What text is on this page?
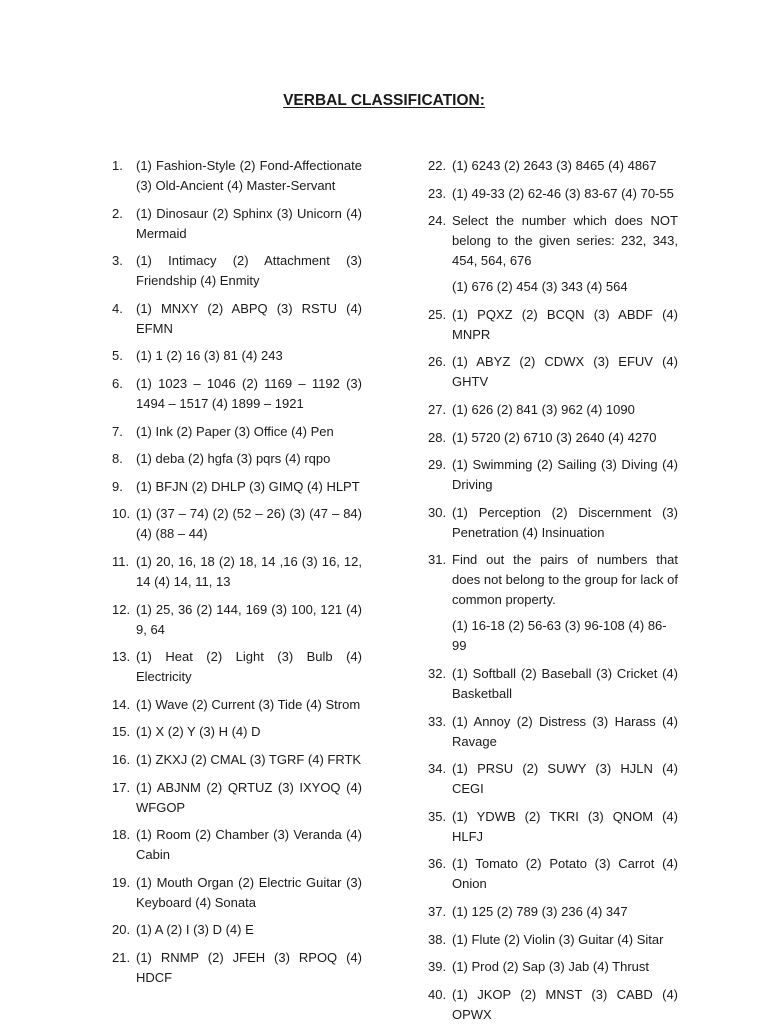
VERBAL CLASSIFICATION:
1. (1) Fashion-Style (2) Fond-Affectionate (3) Old-Ancient (4) Master-Servant
2. (1) Dinosaur (2) Sphinx (3) Unicorn (4) Mermaid
3. (1) Intimacy (2) Attachment (3) Friendship (4) Enmity
4. (1) MNXY (2) ABPQ (3) RSTU (4) EFMN
5. (1) 1 (2) 16 (3) 81 (4) 243
6. (1) 1023 – 1046 (2) 1169 – 1192 (3) 1494 – 1517 (4) 1899 – 1921
7. (1) Ink (2) Paper (3) Office (4) Pen
8. (1) deba (2) hgfa (3) pqrs (4) rqpo
9. (1) BFJN (2) DHLP (3) GIMQ (4) HLPT
10. (1) (37 – 74) (2) (52 – 26) (3) (47 – 84) (4) (88 – 44)
11. (1) 20, 16, 18 (2) 18, 14 ,16 (3) 16, 12, 14 (4) 14, 11, 13
12. (1) 25, 36 (2) 144, 169 (3) 100, 121 (4) 9, 64
13. (1) Heat (2) Light (3) Bulb (4) Electricity
14. (1) Wave (2) Current (3) Tide (4) Strom
15. (1) X (2) Y (3) H (4) D
16. (1) ZKXJ (2) CMAL (3) TGRF (4) FRTK
17. (1) ABJNM (2) QRTUZ (3) IXYOQ (4) WFGOP
18. (1) Room (2) Chamber (3) Veranda (4) Cabin
19. (1) Mouth Organ (2) Electric Guitar (3) Keyboard (4) Sonata
20. (1) A (2) I (3) D (4) E
21. (1) RNMP (2) JFEH (3) RPOQ (4) HDCF
22. (1) 6243 (2) 2643 (3) 8465 (4) 4867
23. (1) 49-33 (2) 62-46 (3) 83-67 (4) 70-55
24. Select the number which does NOT belong to the given series: 232, 343, 454, 564, 676
(1) 676 (2) 454 (3) 343 (4) 564
25. (1) PQXZ (2) BCQN (3) ABDF (4) MNPR
26. (1) ABYZ (2) CDWX (3) EFUV (4) GHTV
27. (1) 626 (2) 841 (3) 962 (4) 1090
28. (1) 5720 (2) 6710 (3) 2640 (4) 4270
29. (1) Swimming (2) Sailing (3) Diving (4) Driving
30. (1) Perception (2) Discernment (3) Penetration (4) Insinuation
31. Find out the pairs of numbers that does not belong to the group for lack of common property.
(1) 16-18 (2) 56-63 (3) 96-108 (4) 86-99
32. (1) Softball (2) Baseball (3) Cricket (4) Basketball
33. (1) Annoy (2) Distress (3) Harass (4) Ravage
34. (1) PRSU (2) SUWY (3) HJLN (4) CEGI
35. (1) YDWB (2) TKRI (3) QNOM (4) HLFJ
36. (1) Tomato (2) Potato (3) Carrot (4) Onion
37. (1) 125 (2) 789 (3) 236 (4) 347
38. (1) Flute (2) Violin (3) Guitar (4) Sitar
39. (1) Prod (2) Sap (3) Jab (4) Thrust
40. (1) JKOP (2) MNST (3) CABD (4) OPWX
